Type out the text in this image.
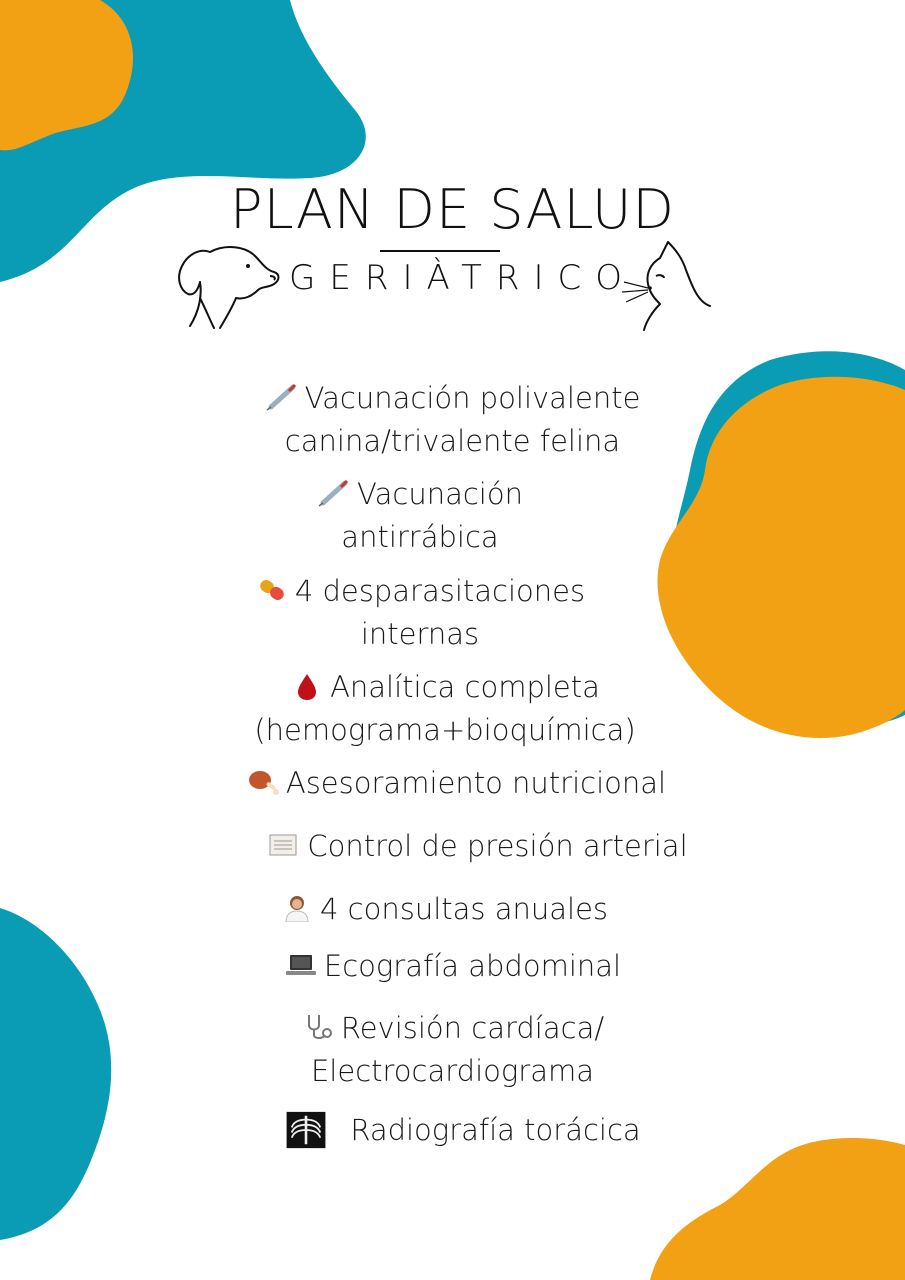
PLAN DE SALUD
GERIÀTRICO
Vacunación polivalente
canina/trivalente felina
Vacunación
antirrábica
4 desparasitaciones
internas
Analítica completa
(hemograma+bioquímica)
Asesoramiento nutricional
Control de presión arterial
4 consultas anuales
Ecografía abdominal
Revisión cardíaca/
Electrocardiograma
Radiografía torácica
